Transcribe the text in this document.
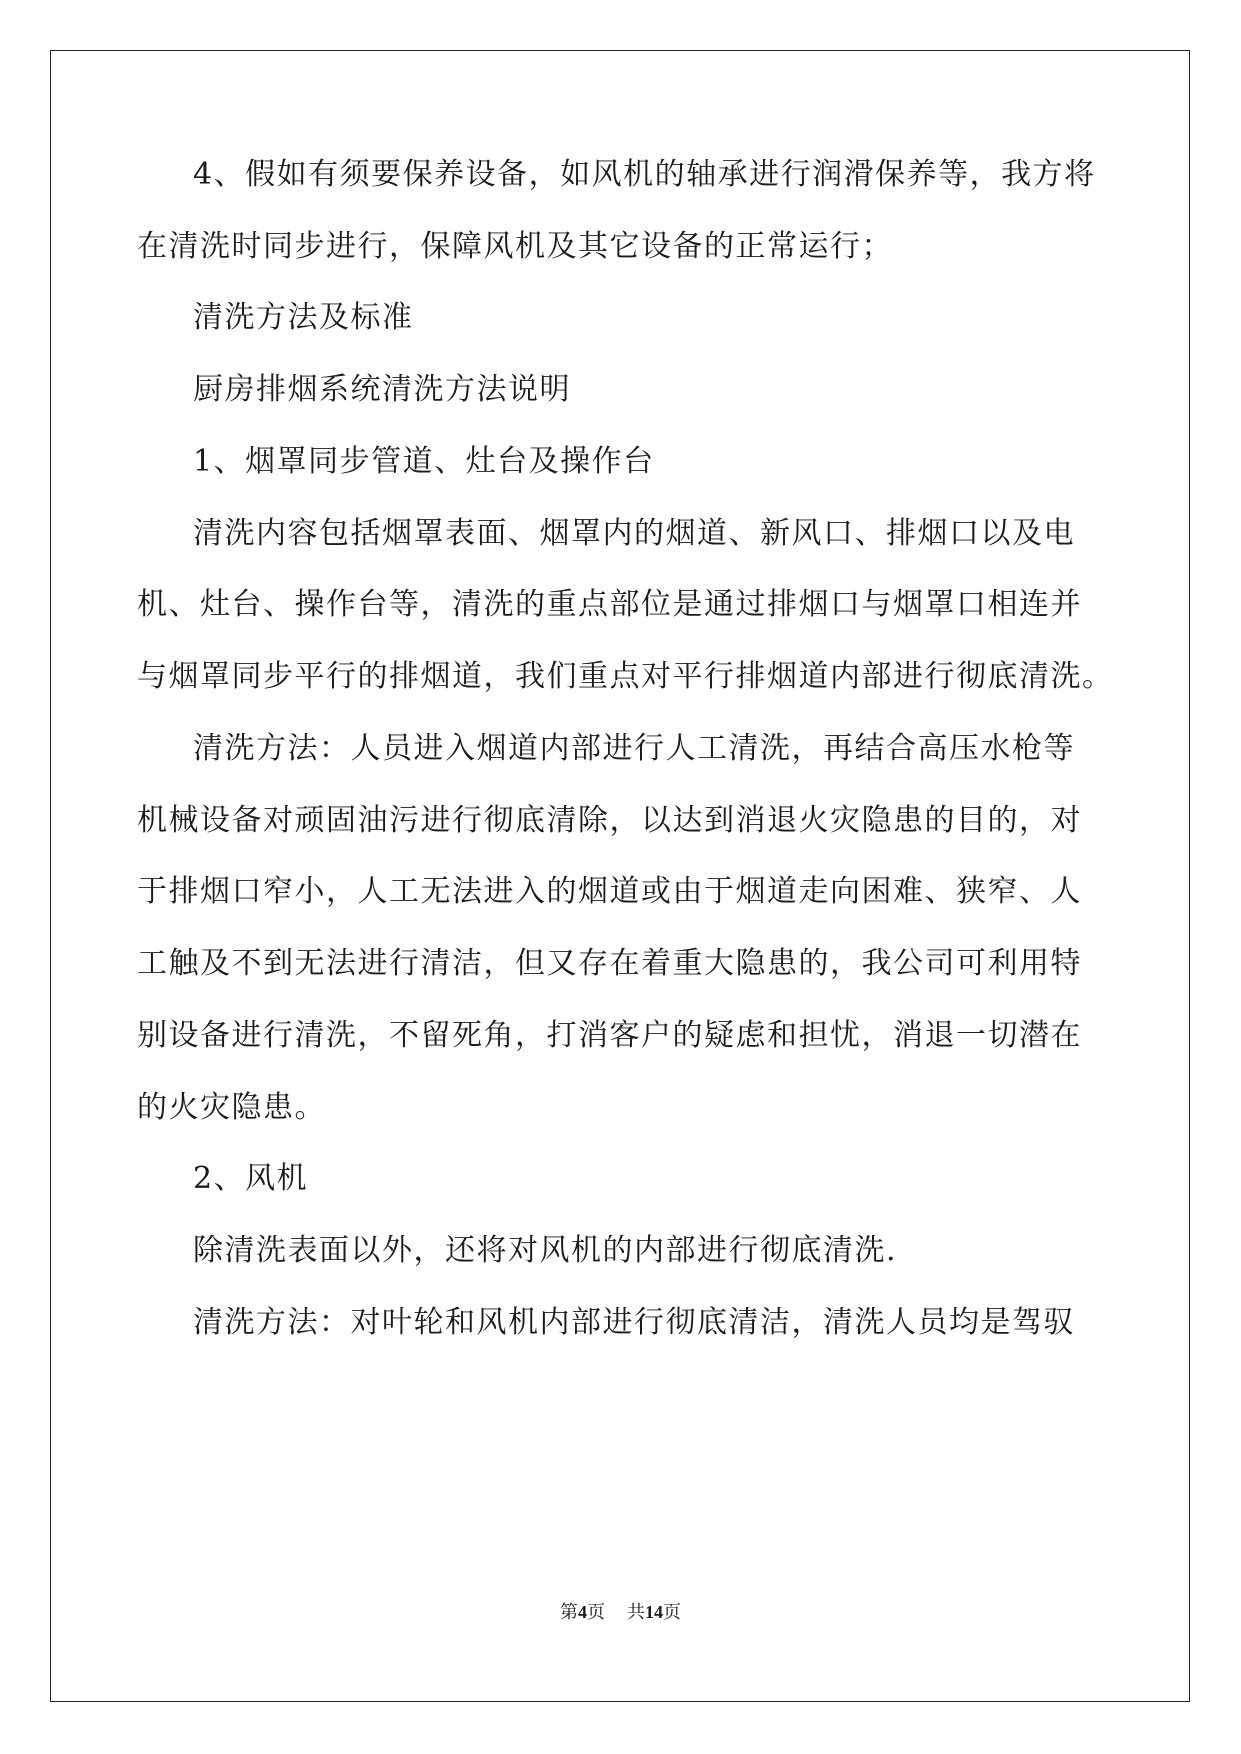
4、假如有须要保养设备，如风机的轴承进行润滑保养等，我方将
在清洗时同步进行，保障风机及其它设备的正常运行；
清洗方法及标准
厨房排烟系统清洗方法说明
1、烟罩同步管道、灶台及操作台
清洗内容包括烟罩表面、烟罩内的烟道、新风口、排烟口以及电
机、灶台、操作台等，清洗的重点部位是通过排烟口与烟罩口相连并
与烟罩同步平行的排烟道，我们重点对平行排烟道内部进行彻底清洗。
清洗方法：人员进入烟道内部进行人工清洗，再结合高压水枪等
机械设备对顽固油污进行彻底清除，以达到消退火灾隐患的目的，对
于排烟口窄小，人工无法进入的烟道或由于烟道走向困难、狭窄、人
工触及不到无法进行清洁，但又存在着重大隐患的，我公司可利用特
别设备进行清洗，不留死角，打消客户的疑虑和担忧，消退一切潜在
的火灾隐患。
2、风机
除清洗表面以外，还将对风机的内部进行彻底清洗.
清洗方法：对叶轮和风机内部进行彻底清洁，清洗人员均是驾驭
第4页 共14页
